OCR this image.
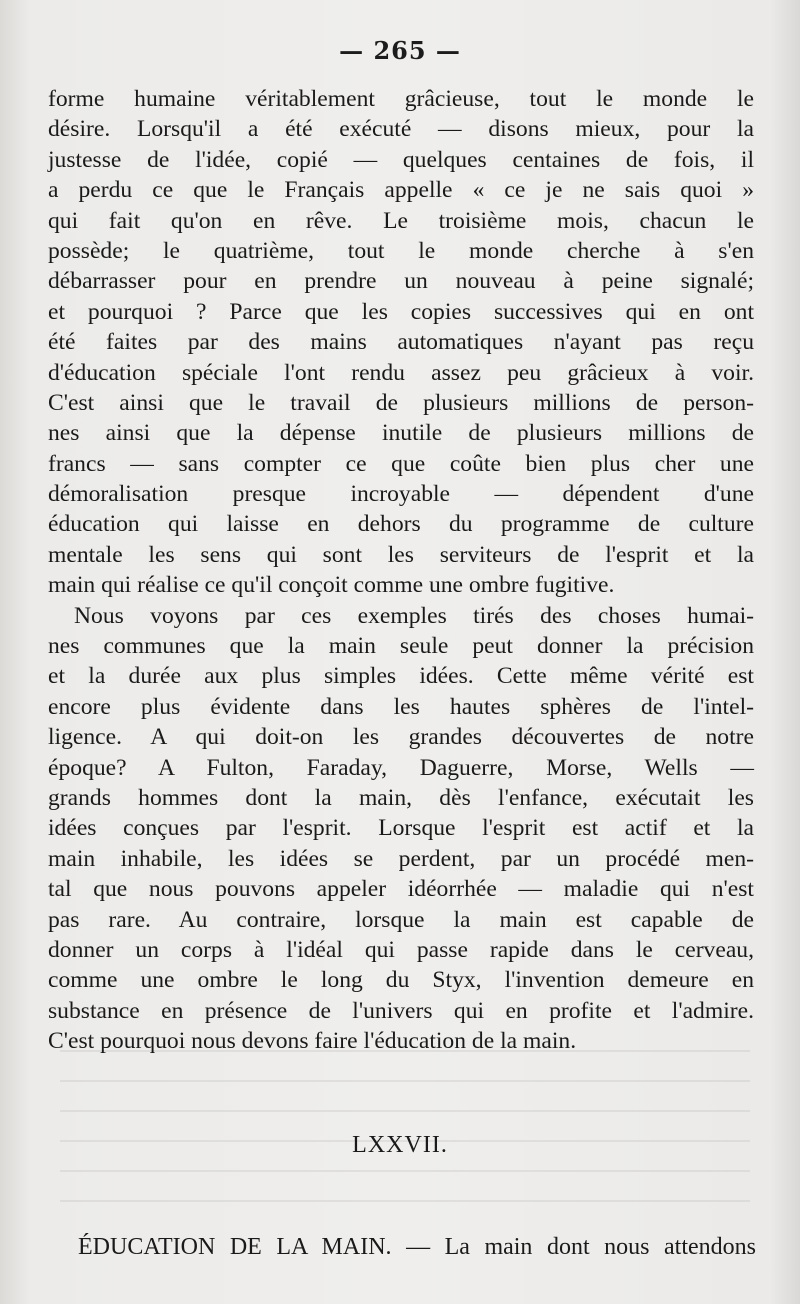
— 265 —
forme humaine véritablement grâcieuse, tout le monde le
désire. Lorsqu'il a été exécuté — disons mieux, pour la
justesse de l'idée, copié — quelques centaines de fois, il
a perdu ce que le Français appelle « ce je ne sais quoi »
qui fait qu'on en rêve. Le troisième mois, chacun le
possède; le quatrième, tout le monde cherche à s'en
débarrasser pour en prendre un nouveau à peine signalé;
et pourquoi ? Parce que les copies successives qui en ont
été faites par des mains automatiques n'ayant pas reçu
d'éducation spéciale l'ont rendu assez peu grâcieux à voir.
C'est ainsi que le travail de plusieurs millions de person-
nes ainsi que la dépense inutile de plusieurs millions de
francs — sans compter ce que coûte bien plus cher une
démoralisation presque incroyable — dépendent d'une
éducation qui laisse en dehors du programme de culture
mentale les sens qui sont les serviteurs de l'esprit et la
main qui réalise ce qu'il conçoit comme une ombre fugitive.
Nous voyons par ces exemples tirés des choses humai-
nes communes que la main seule peut donner la précision
et la durée aux plus simples idées. Cette même vérité est
encore plus évidente dans les hautes sphères de l'intel-
ligence. A qui doit-on les grandes découvertes de notre
époque? A Fulton, Faraday, Daguerre, Morse, Wells —
grands hommes dont la main, dès l'enfance, exécutait les
idées conçues par l'esprit. Lorsque l'esprit est actif et la
main inhabile, les idées se perdent, par un procédé men-
tal que nous pouvons appeler idéorrhée — maladie qui n'est
pas rare. Au contraire, lorsque la main est capable de
donner un corps à l'idéal qui passe rapide dans le cerveau,
comme une ombre le long du Styx, l'invention demeure en
substance en présence de l'univers qui en profite et l'admire.
C'est pourquoi nous devons faire l'éducation de la main.
LXXVII.
ÉDUCATION DE LA MAIN. — La main dont nous attendons
